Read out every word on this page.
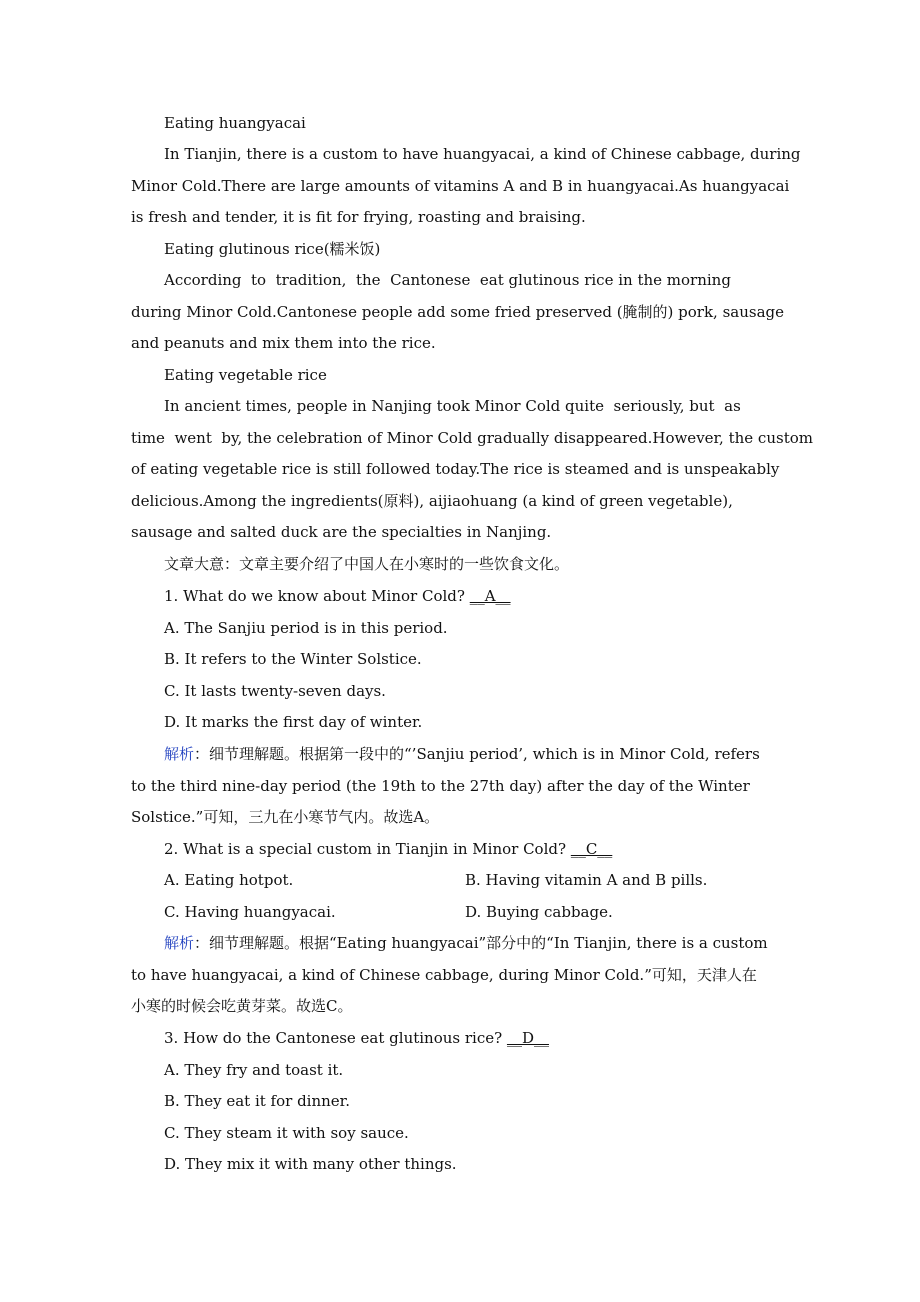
Eating huangyacai
In Tianjin, there is a custom to have huangyacai, a kind of Chinese cabbage, during
Minor Cold.There are large amounts of vitamins A and B in huangyacai.As huangyacai
is fresh and tender, it is fit for frying, roasting and braising.
Eating glutinous rice(糯米饭)
According  to  tradition,  the  Cantonese  eat glutinous rice in the morning
during Minor Cold.Cantonese people add some fried preserved (腌制的) pork, sausage
and peanuts and mix them into the rice.
Eating vegetable rice
In ancient times, people in Nanjing took Minor Cold quite  seriously, but  as
time  went  by, the celebration of Minor Cold gradually disappeared.However, the custom
of eating vegetable rice is still followed today.The rice is steamed and is unspeakably
delicious.Among the ingredients(原料), aijiaohuang (a kind of green vegetable),
sausage and salted duck are the specialties in Nanjing.
文章大意：文章主要介绍了中国人在小寒时的一些饮食文化。
1. What do we know about Minor Cold? __A__
A. The Sanjiu period is in this period.
B. It refers to the Winter Solstice.
C. It lasts twenty-seven days.
D. It marks the first day of winter.
解析：细节理解题。根据第一段中的“’Sanjiu period’, which is in Minor Cold, refers
to the third nine-day period (the 19th to the 27th day) after the day of the Winter
Solstice.”可知，三九在小寒节气内。故选A。
2. What is a special custom in Tianjin in Minor Cold? __C__
A. Eating hotpot.	B. Having vitamin A and B pills.
C. Having huangyacai.	D. Buying cabbage.
解析：细节理解题。根据“Eating huangyacai”部分中的“In Tianjin, there is a custom
to have huangyacai, a kind of Chinese cabbage, during Minor Cold.”可知，天津人在
小寒的时候会吃黄芽菜。故选C。
3. How do the Cantonese eat glutinous rice? __D__
A. They fry and toast it.
B. They eat it for dinner.
C. They steam it with soy sauce.
D. They mix it with many other things.
